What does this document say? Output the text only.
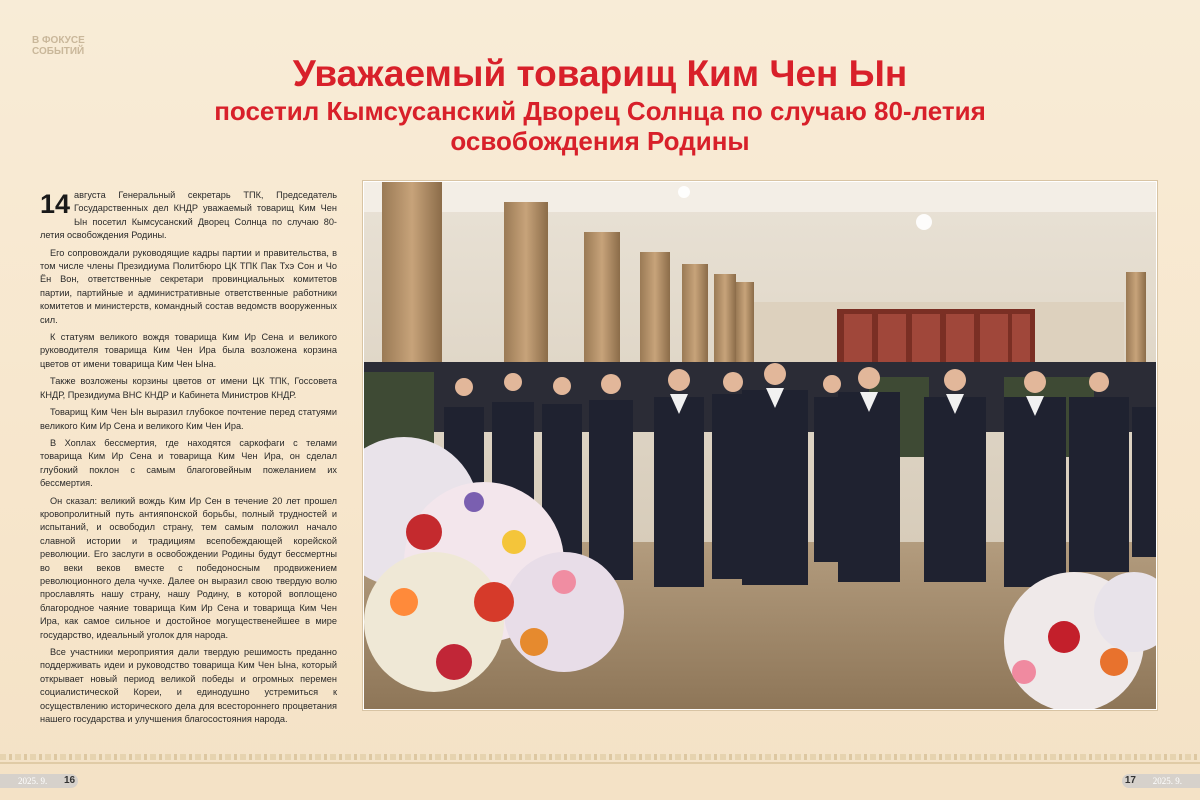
В ФОКУСЕ СОБЫТИЙ
Уважаемый товарищ Ким Чен Ын
посетил Кымсусанский Дворец Солнца по случаю 80-летия освобождения Родины

14 августа Генеральный секретарь ТПК, Председатель Государственных дел КНДР уважаемый товарищ Ким Чен Ын посетил Кымсусанский Дворец Солнца по случаю 80-летия освобождения Родины.

Его сопровождали руководящие кадры партии и правительства, в том числе члены Президиума Политбюро ЦК ТПК Пак Тхэ Сон и Чо Ён Вон, ответственные секретари провинциальных комитетов партии, партийные и административные ответственные работники комитетов и министерств, командный состав ведомств вооруженных сил.

К статуям великого вождя товарища Ким Ир Сена и великого руководителя товарища Ким Чен Ира была возложена корзина цветов от имени товарища Ким Чен Ына.

Также возложены корзины цветов от имени ЦК ТПК, Госсовета КНДР, Президиума ВНС КНДР и Кабинета Министров КНДР.

Товарищ Ким Чен Ын выразил глубокое почтение перед статуями великого Ким Ир Сена и великого Ким Чен Ира.

В Хоплах бессмертия, где находятся саркофаги с телами товарища Ким Ир Сена и товарища Ким Чен Ира, он сделал глубокий поклон с самым благоговейным пожеланием их бессмертия.

Он сказал: великий вождь Ким Ир Сен в течение 20 лет прошел кровопролитный путь антияпонской борьбы, полный трудностей и испытаний, и освободил страну, тем самым положил начало славной истории и традициям всепобеждающей корейской революции. Его заслуги в освобождении Родины будут бессмертны во веки веков вместе с победоносным продвижением революционного дела чучхе. Далее он выразил свою твердую волю прославлять нашу страну, нашу Родину, в которой воплощено благородное чаяние товарища Ким Ир Сена и товарища Ким Чен Ира, как самое сильное и достойное могущественейшее в мире государство, идеальный уголок для народа.

Все участники мероприятия дали твердую решимость преданно поддерживать идеи и руководство товарища Ким Чен Ына, который открывает новый период великой победы и огромных перемен социалистической Кореи, и единодушно устремиться к осуществлению исторического дела для всестороннего процветания нашего государства и улучшения благосостояния народа.

2025. 9. 16	17 2025. 9.
